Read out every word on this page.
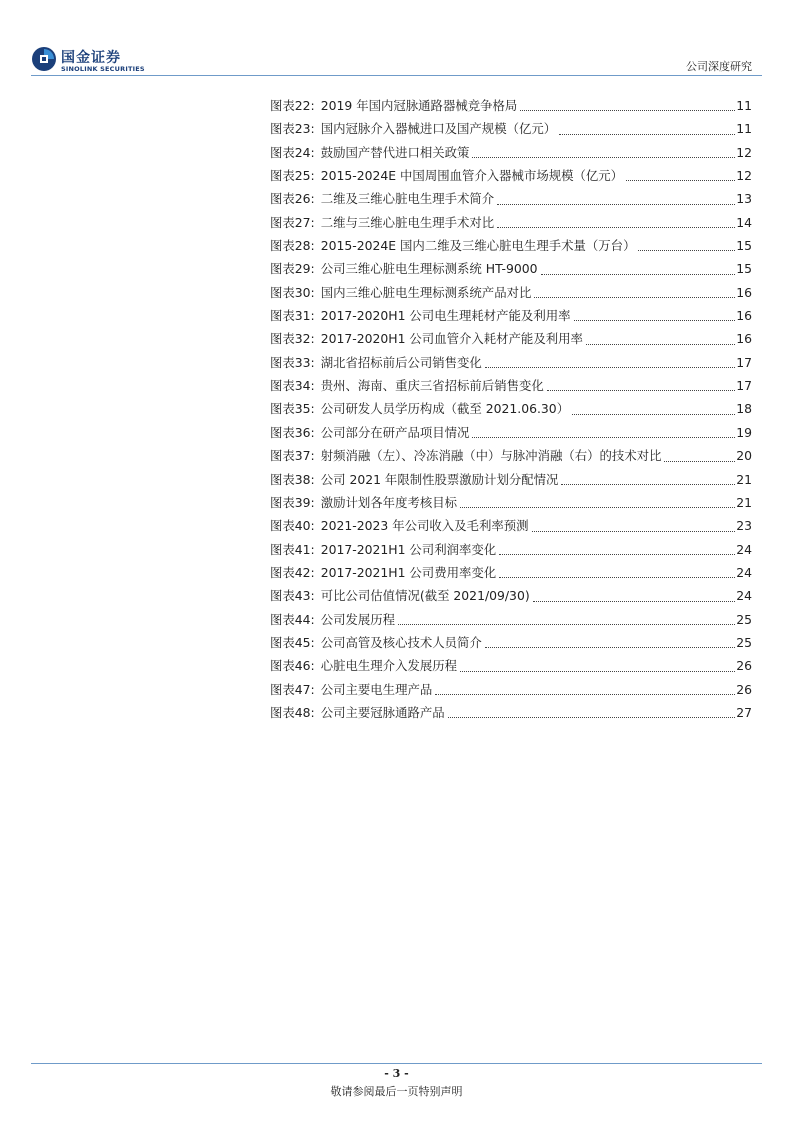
国金证券
SINOLINK SECURITIES	公司深度研究
图表22: 2019 年国内冠脉通路器械竞争格局	11
图表23: 国内冠脉介入器械进口及国产规模（亿元）	11
图表24: 鼓励国产替代进口相关政策	12
图表25: 2015-2024E 中国周围血管介入器械市场规模（亿元）	12
图表26: 二维及三维心脏电生理手术简介	13
图表27: 二维与三维心脏电生理手术对比	14
图表28: 2015-2024E 国内二维及三维心脏电生理手术量（万台）	15
图表29: 公司三维心脏电生理标测系统 HT-9000	15
图表30: 国内三维心脏电生理标测系统产品对比	16
图表31: 2017-2020H1 公司电生理耗材产能及利用率	16
图表32: 2017-2020H1 公司血管介入耗材产能及利用率	16
图表33: 湖北省招标前后公司销售变化	17
图表34: 贵州、海南、重庆三省招标前后销售变化	17
图表35: 公司研发人员学历构成（截至 2021.06.30）	18
图表36: 公司部分在研产品项目情况	19
图表37: 射频消融（左）、冷冻消融（中）与脉冲消融（右）的技术对比	20
图表38: 公司 2021 年限制性股票激励计划分配情况	21
图表39: 激励计划各年度考核目标	21
图表40: 2021-2023 年公司收入及毛利率预测	23
图表41: 2017-2021H1 公司利润率变化	24
图表42: 2017-2021H1 公司费用率变化	24
图表43: 可比公司估值情况(截至 2021/09/30)	24
图表44: 公司发展历程	25
图表45: 公司高管及核心技术人员简介	25
图表46: 心脏电生理介入发展历程	26
图表47: 公司主要电生理产品	26
图表48: 公司主要冠脉通路产品	27
- 3 -
敬请参阅最后一页特别声明
